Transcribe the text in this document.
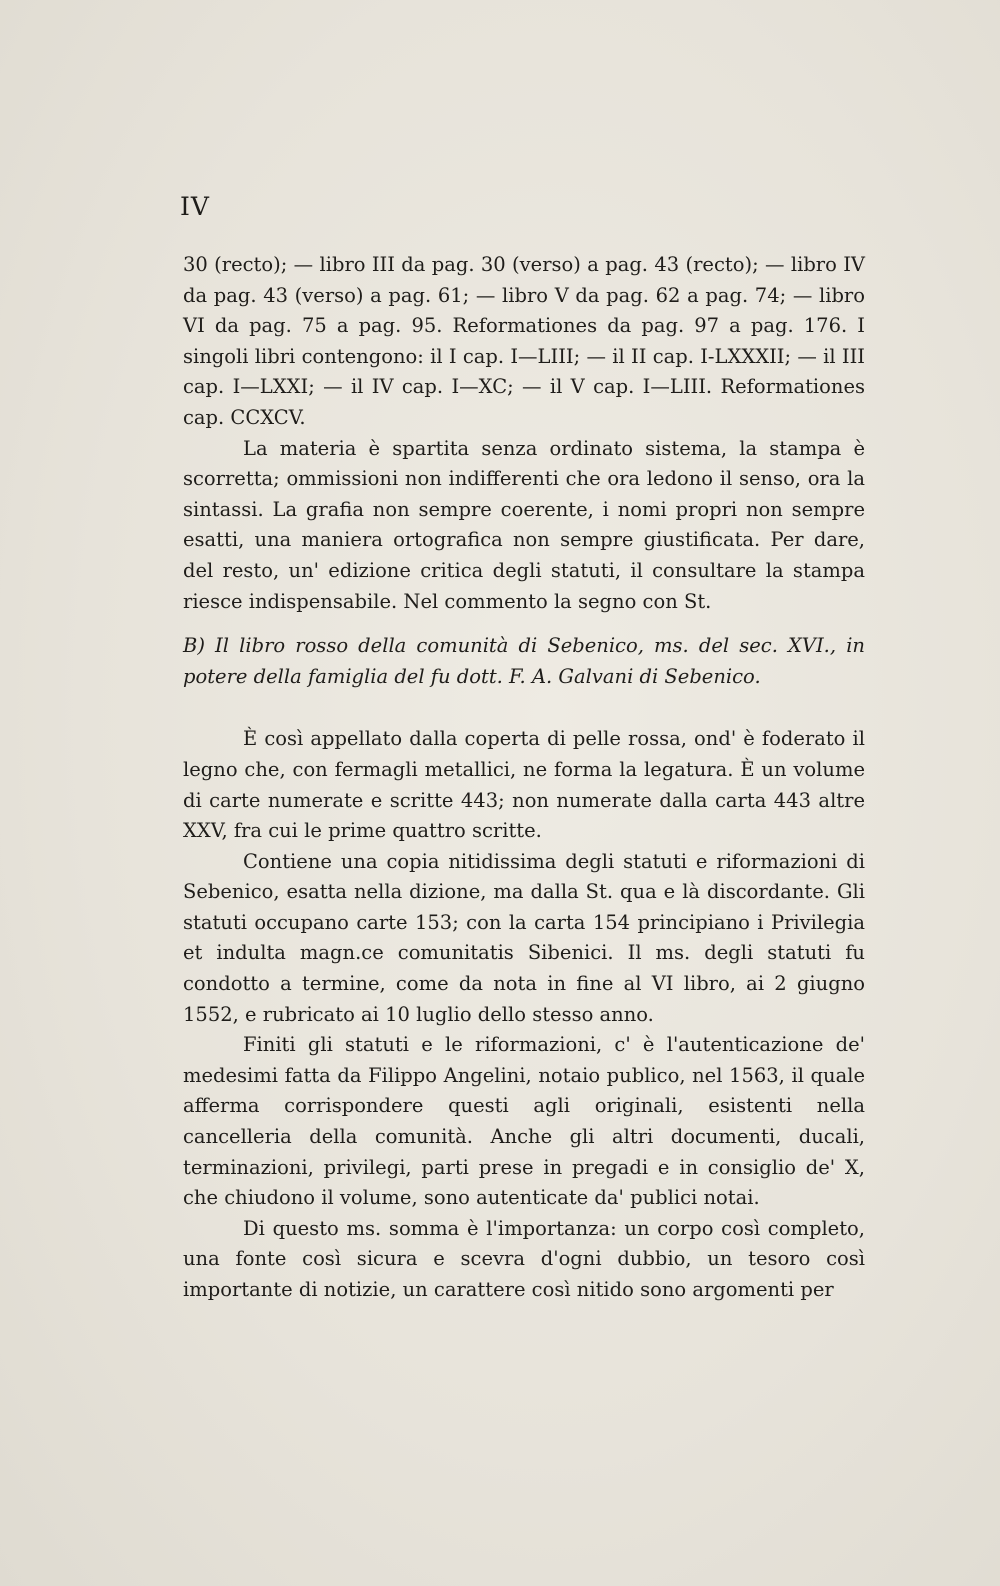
IV

30 (recto); — libro III da pag. 30 (verso) a pag. 43 (recto); — libro IV da pag. 43 (verso) a pag. 61; — libro V da pag. 62 a pag. 74; — libro VI da pag. 75 a pag. 95. Reformationes da pag. 97 a pag. 176. I singoli libri contengono: il I cap. I—LIII; — il II cap. I-LXXXII; — il III cap. I—LXXI; — il IV cap. I—XC; — il V cap. I—LIII. Reformationes cap. CCXCV.

La materia è spartita senza ordinato sistema, la stampa è scorretta; ommissioni non indifferenti che ora ledono il senso, ora la sintassi. La grafia non sempre coerente, i nomi propri non sempre esatti, una maniera ortografica non sempre giustificata. Per dare, del resto, un' edizione critica degli statuti, il consultare la stampa riesce indispensabile. Nel commento la segno con St.

B) Il libro rosso della comunità di Sebenico, ms. del sec. XVI., in potere della famiglia del fu dott. F. A. Galvani di Sebenico.

È così appellato dalla coperta di pelle rossa, ond' è foderato il legno che, con fermagli metallici, ne forma la legatura. È un volume di carte numerate e scritte 443; non numerate dalla carta 443 altre XXV, fra cui le prime quattro scritte.

Contiene una copia nitidissima degli statuti e riformazioni di Sebenico, esatta nella dizione, ma dalla St. qua e là discordante. Gli statuti occupano carte 153; con la carta 154 principiano i Privilegia et indulta magn.ce comunitatis Sibenici. Il ms. degli statuti fu condotto a termine, come da nota in fine al VI libro, ai 2 giugno 1552, e rubricato ai 10 luglio dello stesso anno.

Finiti gli statuti e le riformazioni, c' è l'autenticazione de' medesimi fatta da Filippo Angelini, notaio publico, nel 1563, il quale afferma corrispondere questi agli originali, esistenti nella cancelleria della comunità. Anche gli altri documenti, ducali, terminazioni, privilegi, parti prese in pregadi e in consiglio de' X, che chiudono il volume, sono autenticate da' publici notai.

Di questo ms. somma è l'importanza: un corpo così completo, una fonte così sicura e scevra d'ogni dubbio, un tesoro così importante di notizie, un carattere così nitido sono argomenti per
